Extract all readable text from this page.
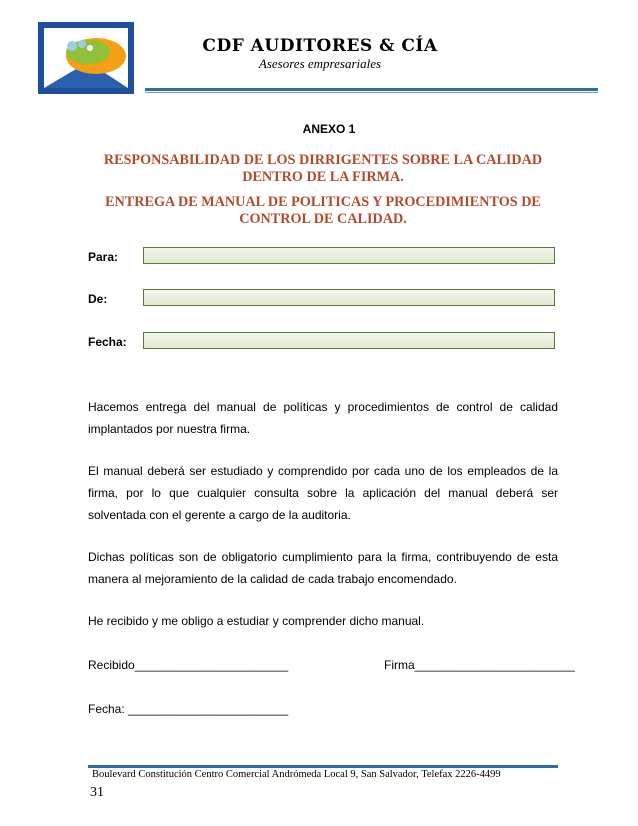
CDF AUDITORES & CÍA
Asesores empresariales
ANEXO 1
RESPONSABILIDAD DE LOS DIRRIGENTES SOBRE LA CALIDAD DENTRO DE LA FIRMA.
ENTREGA DE MANUAL DE POLITICAS Y PROCEDIMIENTOS DE CONTROL DE CALIDAD.
Para:
De:
Fecha:
Hacemos entrega del manual de políticas y procedimientos de control de calidad implantados por nuestra firma.
El manual deberá ser estudiado y comprendido por cada uno de los empleados de la firma, por lo que cualquier consulta sobre la aplicación del manual deberá ser solventada con el gerente a cargo de la auditoria.
Dichas políticas son de obligatorio cumplimiento para la firma, contribuyendo de esta manera al mejoramiento de la calidad de cada trabajo encomendado.
He recibido y me obligo a estudiar y comprender dicho manual.
Recibido_______________________	Firma________________________
Fecha: ________________________
Boulevard Constitución Centro Comercial Andrómeda Local 9, San Salvador, Telefax 2226-4499
31
